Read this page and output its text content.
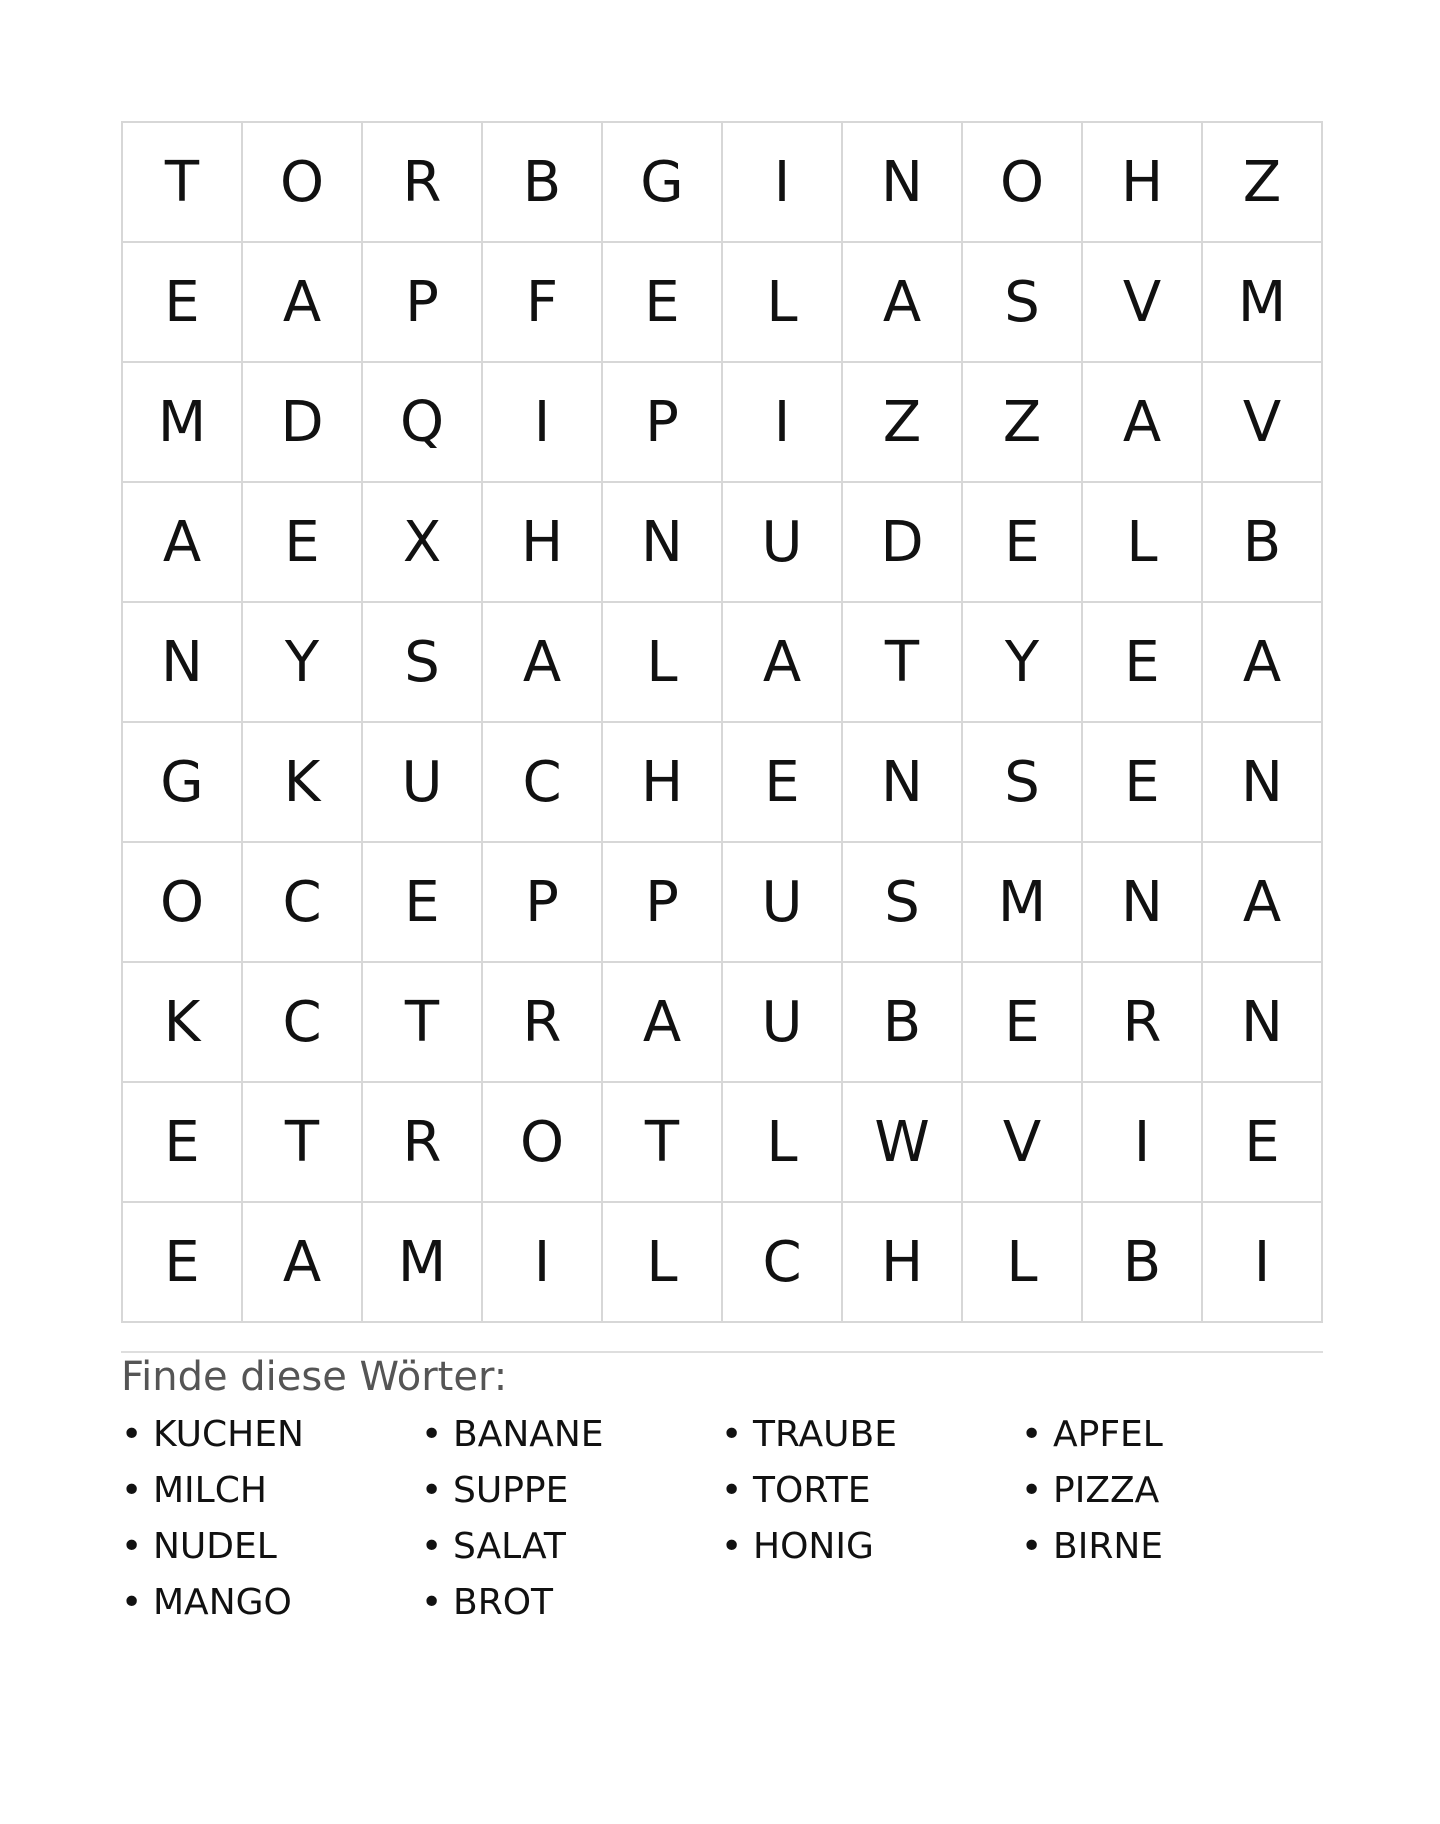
T	O	R	B	G	I	N	O	H	Z
E	A	P	F	E	L	A	S	V	M
M	D	Q	I	P	I	Z	Z	A	V
A	E	X	H	N	U	D	E	L	B
N	Y	S	A	L	A	T	Y	E	A
G	K	U	C	H	E	N	S	E	N
O	C	E	P	P	U	S	M	N	A
K	C	T	R	A	U	B	E	R	N
E	T	R	O	T	L	W	V	I	E
E	A	M	I	L	C	H	L	B	I
Finde diese Wörter:
• KUCHEN	• BANANE	• TRAUBE	• APFEL
• MILCH	• SUPPE	• TORTE	• PIZZA
• NUDEL	• SALAT	• HONIG	• BIRNE
• MANGO	• BROT
